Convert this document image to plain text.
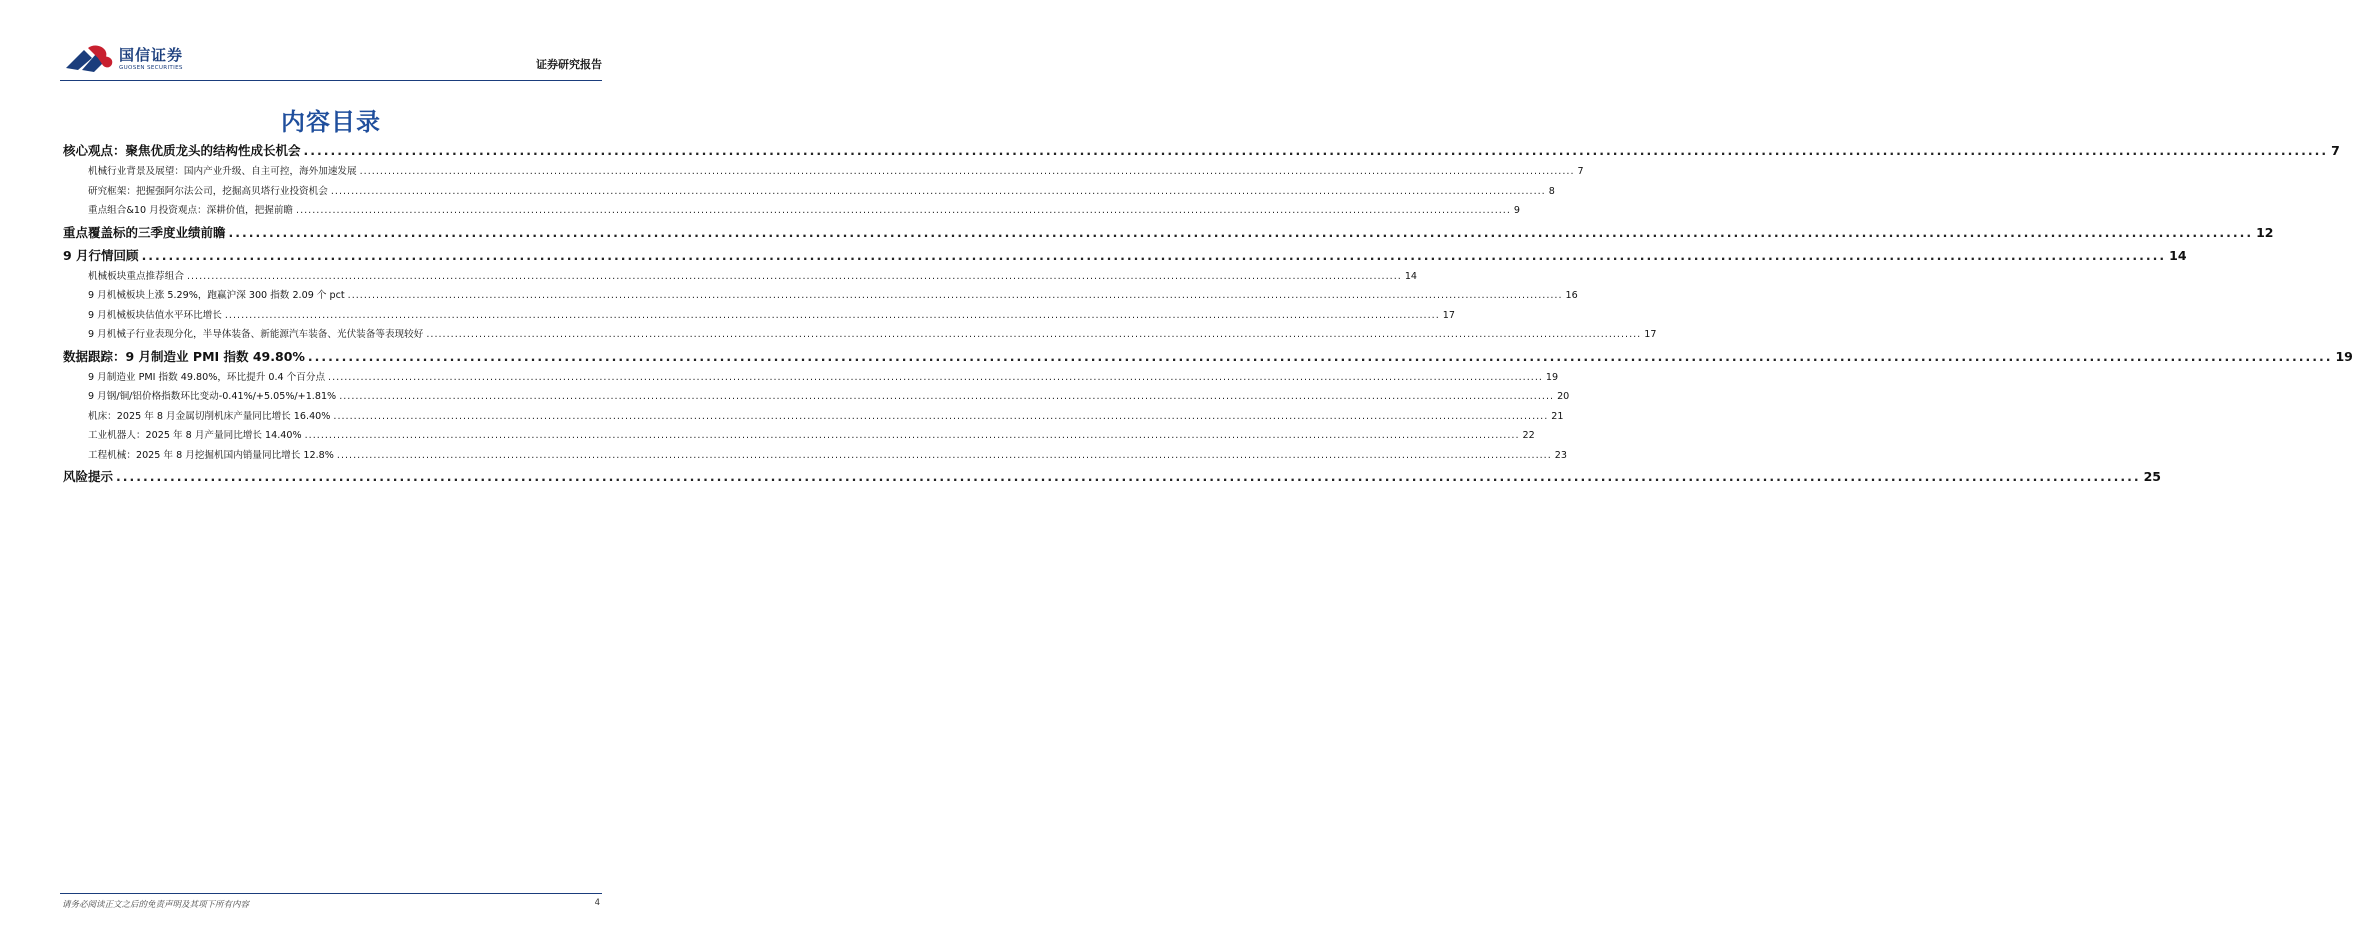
国信证券
GUOSEN SECURITIES	证券研究报告
内容目录
核心观点：聚焦优质龙头的结构性成长机会 ............................................................................................................................................................................................................................................................................................................ 7
机械行业背景及展望：国内产业升级、自主可控，海外加速发展 ............................................................................................................................................................................................................................................................................................................ 7
研究框架：把握强阿尔法公司，挖掘高贝塔行业投资机会 ............................................................................................................................................................................................................................................................................................................ 8
重点组合&10 月投资观点：深耕价值，把握前瞻 ............................................................................................................................................................................................................................................................................................................ 9
重点覆盖标的三季度业绩前瞻 ............................................................................................................................................................................................................................................................................................................ 12
9 月行情回顾 ............................................................................................................................................................................................................................................................................................................ 14
机械板块重点推荐组合 ............................................................................................................................................................................................................................................................................................................ 14
9 月机械板块上涨 5.29%，跑赢沪深 300 指数 2.09 个 pct ............................................................................................................................................................................................................................................................................................................ 16
9 月机械板块估值水平环比增长 ............................................................................................................................................................................................................................................................................................................ 17
9 月机械子行业表现分化，半导体装备、新能源汽车装备、光伏装备等表现较好 ............................................................................................................................................................................................................................................................................................................ 17
数据跟踪：9 月制造业 PMI 指数 49.80% ............................................................................................................................................................................................................................................................................................................ 19
9 月制造业 PMI 指数 49.80%，环比提升 0.4 个百分点 ............................................................................................................................................................................................................................................................................................................ 19
9 月钢/铜/铝价格指数环比变动-0.41%/+5.05%/+1.81% ............................................................................................................................................................................................................................................................................................................ 20
机床：2025 年 8 月金属切削机床产量同比增长 16.40% ............................................................................................................................................................................................................................................................................................................ 21
工业机器人：2025 年 8 月产量同比增长 14.40% ............................................................................................................................................................................................................................................................................................................ 22
工程机械：2025 年 8 月挖掘机国内销量同比增长 12.8% ............................................................................................................................................................................................................................................................................................................ 23
风险提示 ............................................................................................................................................................................................................................................................................................................ 25
请务必阅读正文之后的免责声明及其项下所有内容	4
